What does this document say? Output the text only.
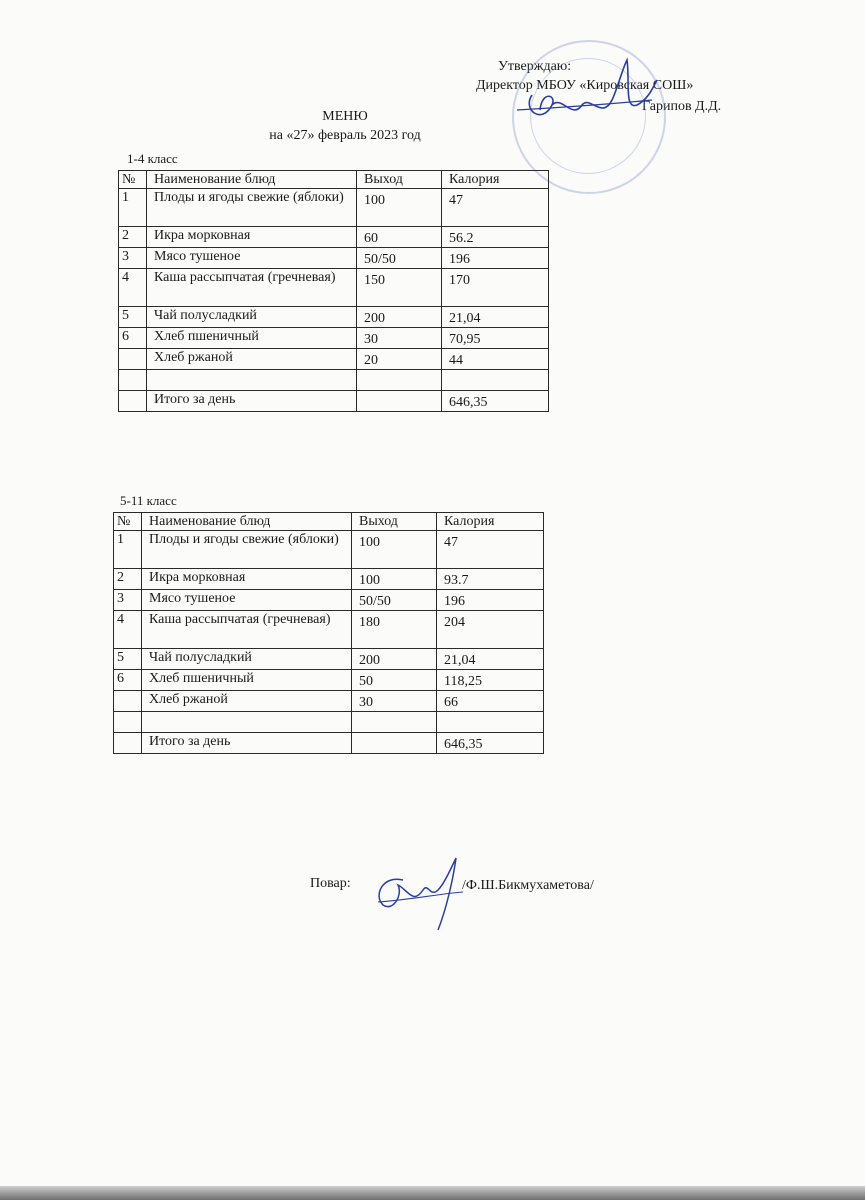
Утверждаю:
Директор МБОУ «Кировская СОШ»
Гарипов Д.Д.
МЕНЮ
на «27» февраль 2023 год
1-4 класс
№	Наименование блюд	Выход	Калория
1	Плоды и ягоды свежие (яблоки)	100	47
2	Икра морковная	60	56.2
3	Мясо тушеное	50/50	196
4	Каша рассыпчатая (гречневая)	150	170
5	Чай полусладкий	200	21,04
6	Хлеб пшеничный	30	70,95
	Хлеб ржаной	20	44

	Итого за день		646,35
5-11 класс
№	Наименование блюд	Выход	Калория
1	Плоды и ягоды свежие (яблоки)	100	47
2	Икра морковная	100	93.7
3	Мясо тушеное	50/50	196
4	Каша рассыпчатая (гречневая)	180	204
5	Чай полусладкий	200	21,04
6	Хлеб пшеничный	50	118,25
	Хлеб ржаной	30	66

	Итого за день		646,35
Повар:	/Ф.Ш.Бикмухаметова/
